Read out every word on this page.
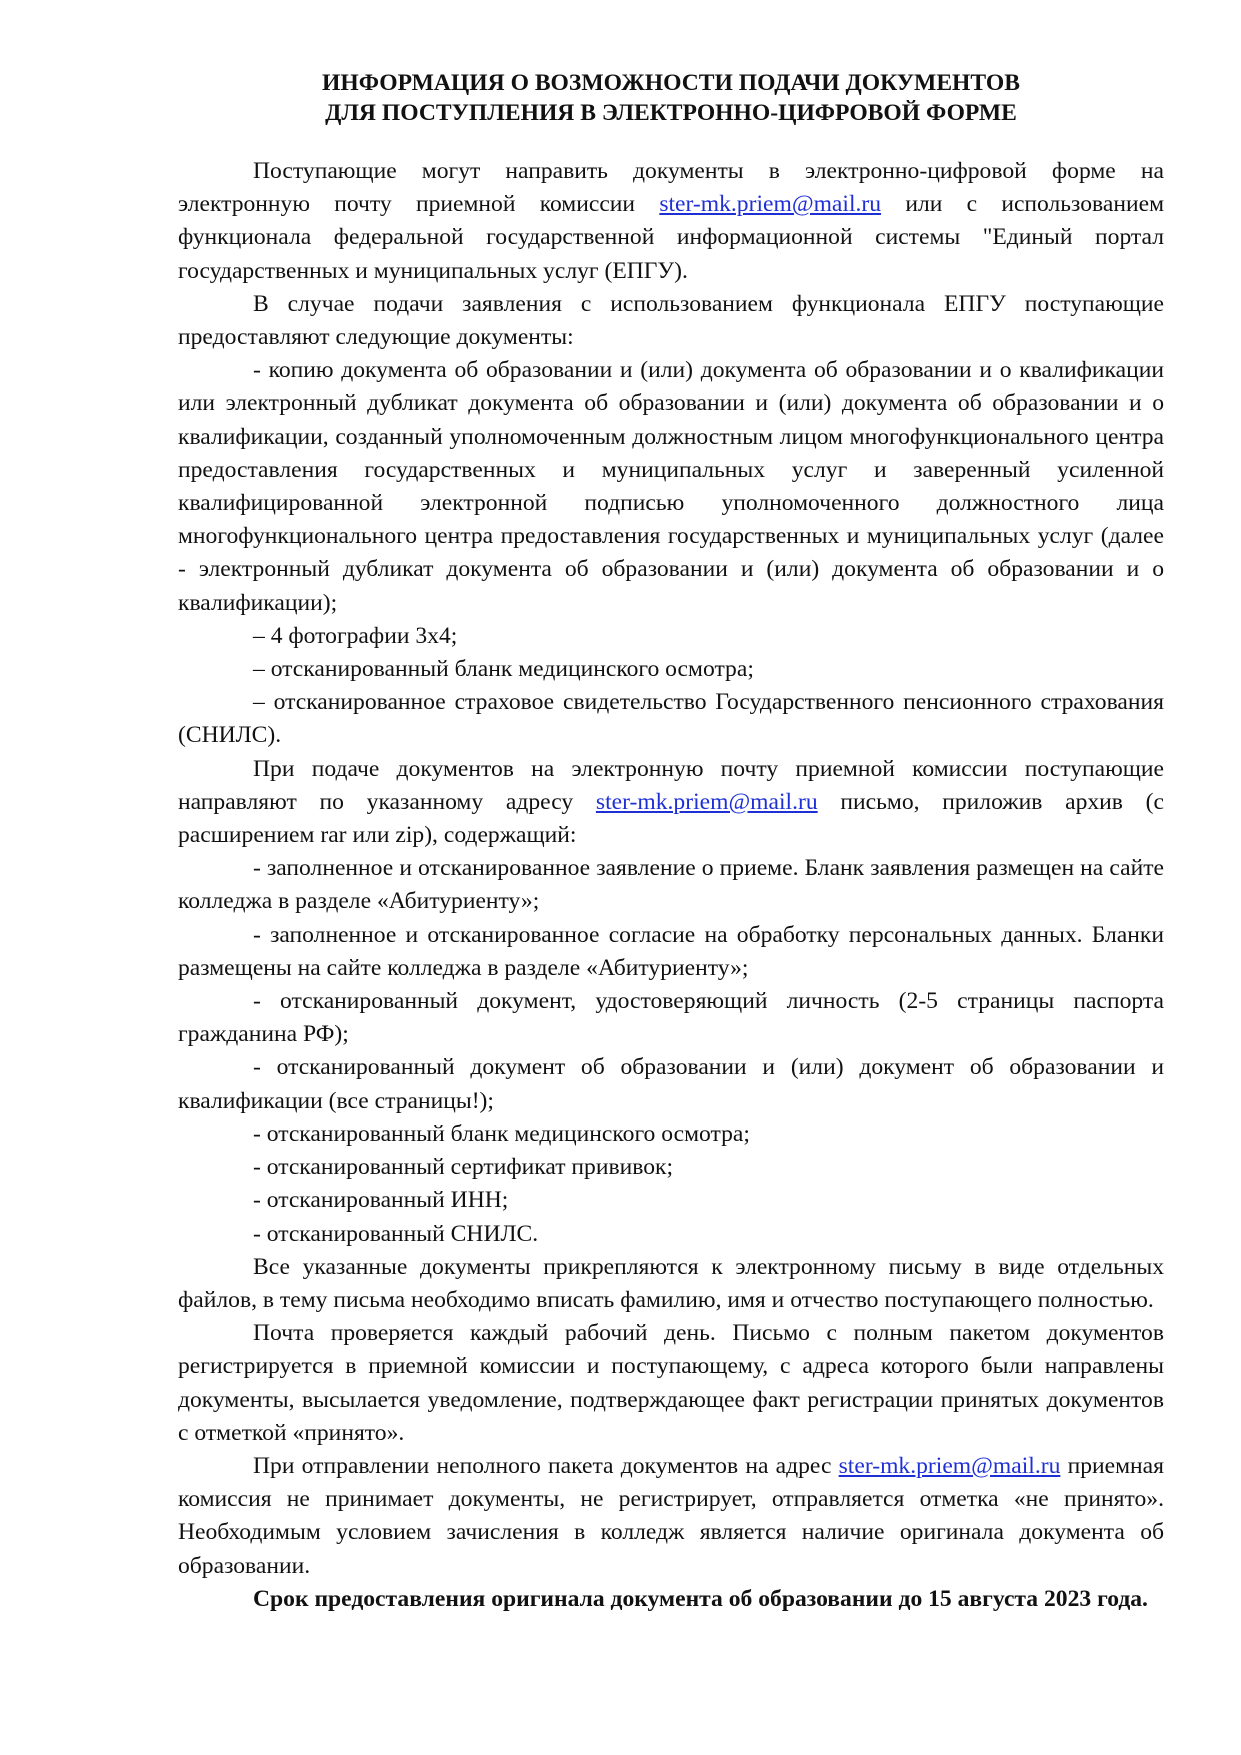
ИНФОРМАЦИЯ О ВОЗМОЖНОСТИ ПОДАЧИ ДОКУМЕНТОВ
ДЛЯ ПОСТУПЛЕНИЯ В ЭЛЕКТРОННО-ЦИФРОВОЙ ФОРМЕ

Поступающие могут направить документы в электронно-цифровой форме на электронную почту приемной комиссии ster-mk.priem@mail.ru или с использованием функционала федеральной государственной информационной системы "Единый портал государственных и муниципальных услуг (ЕПГУ).

В случае подачи заявления с использованием функционала ЕПГУ поступающие предоставляют следующие документы:

- копию документа об образовании и (или) документа об образовании и о квалификации или электронный дубликат документа об образовании и (или) документа об образовании и о квалификации, созданный уполномоченным должностным лицом многофункционального центра предоставления государственных и муниципальных услуг и заверенный усиленной квалифицированной электронной подписью уполномоченного должностного лица многофункционального центра предоставления государственных и муниципальных услуг (далее - электронный дубликат документа об образовании и (или) документа об образовании и о квалификации);

– 4 фотографии 3х4;

– отсканированный бланк медицинского осмотра;

– отсканированное страховое свидетельство Государственного пенсионного страхования (СНИЛС).

При подаче документов на электронную почту приемной комиссии поступающие направляют по указанному адресу ster-mk.priem@mail.ru письмо, приложив архив (с расширением rar или zip), содержащий:

- заполненное и отсканированное заявление о приеме. Бланк заявления размещен на сайте колледжа в разделе «Абитуриенту»;

- заполненное и отсканированное согласие на обработку персональных данных. Бланки размещены на сайте колледжа в разделе «Абитуриенту»;

- отсканированный документ, удостоверяющий личность (2-5 страницы паспорта гражданина РФ);

- отсканированный документ об образовании и (или) документ об образовании и квалификации (все страницы!);

- отсканированный бланк медицинского осмотра;

- отсканированный сертификат прививок;

- отсканированный ИНН;

- отсканированный СНИЛС.

Все указанные документы прикрепляются к электронному письму в виде отдельных файлов, в тему письма необходимо вписать фамилию, имя и отчество поступающего полностью.

Почта проверяется каждый рабочий день. Письмо с полным пакетом документов регистрируется в приемной комиссии и поступающему, с адреса которого были направлены документы, высылается уведомление, подтверждающее факт регистрации принятых документов с отметкой «принято».

При отправлении неполного пакета документов на адрес ster-mk.priem@mail.ru приемная комиссия не принимает документы, не регистрирует, отправляется отметка «не принято». Необходимым условием зачисления в колледж является наличие оригинала документа об образовании.

Срок предоставления оригинала документа об образовании до 15 августа 2023 года.
